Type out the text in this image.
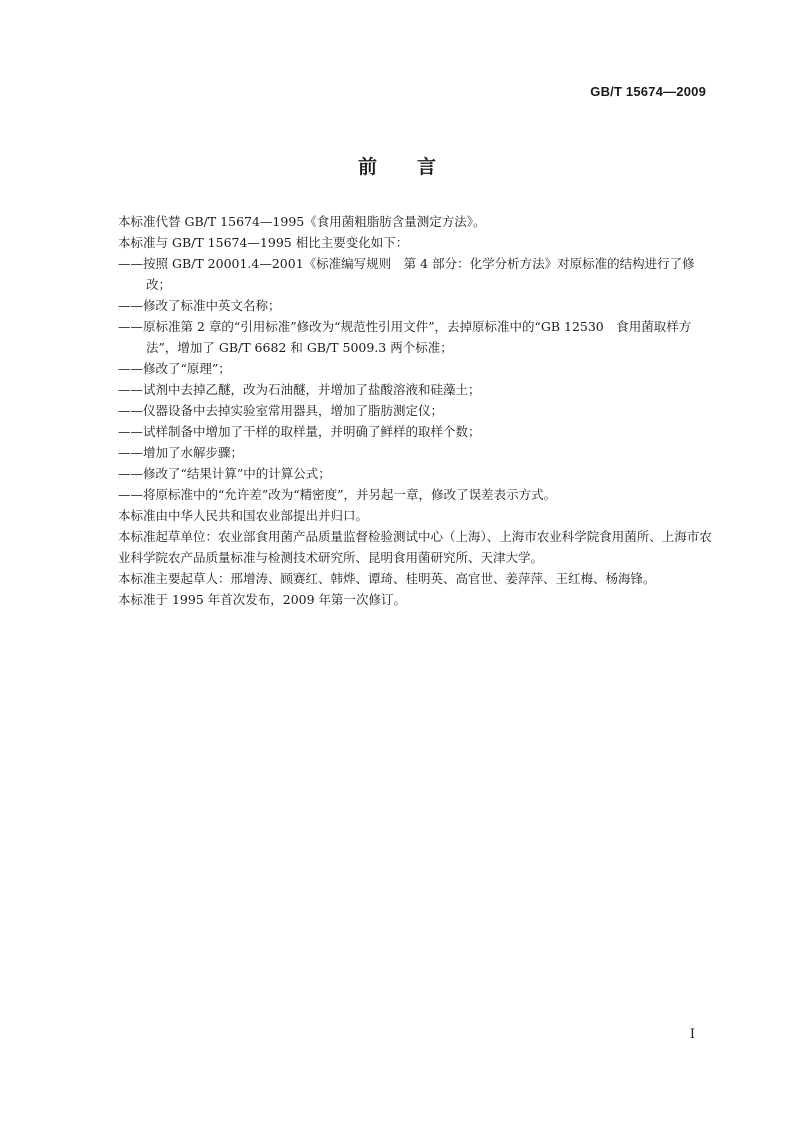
GB/T 15674—2009
前言

本标准代替 GB/T 15674—1995《食用菌粗脂肪含量测定方法》。

本标准与 GB/T 15674—1995 相比主要变化如下：

——按照 GB/T 20001.4—2001《标准编写规则　第 4 部分：化学分析方法》对原标准的结构进行了修改；

——修改了标准中英文名称；

——原标准第 2 章的“引用标准”修改为“规范性引用文件”，去掉原标准中的“GB 12530　食用菌取样方法”，增加了 GB/T 6682 和 GB/T 5009.3 两个标准；

——修改了“原理”；

——试剂中去掉乙醚，改为石油醚，并增加了盐酸溶液和硅藻土；

——仪器设备中去掉实验室常用器具，增加了脂肪测定仪；

——试样制备中增加了干样的取样量，并明确了鲜样的取样个数；

——增加了水解步骤；

——修改了“结果计算”中的计算公式；

——将原标准中的“允许差”改为“精密度”，并另起一章，修改了误差表示方式。

本标准由中华人民共和国农业部提出并归口。

本标准起草单位：农业部食用菌产品质量监督检验测试中心（上海）、上海市农业科学院食用菌所、上海市农业科学院农产品质量标准与检测技术研究所、昆明食用菌研究所、天津大学。

本标准主要起草人：邢增涛、顾赛红、韩烨、谭琦、桂明英、高官世、姜萍萍、王红梅、杨海锋。

本标准于 1995 年首次发布，2009 年第一次修订。

I
